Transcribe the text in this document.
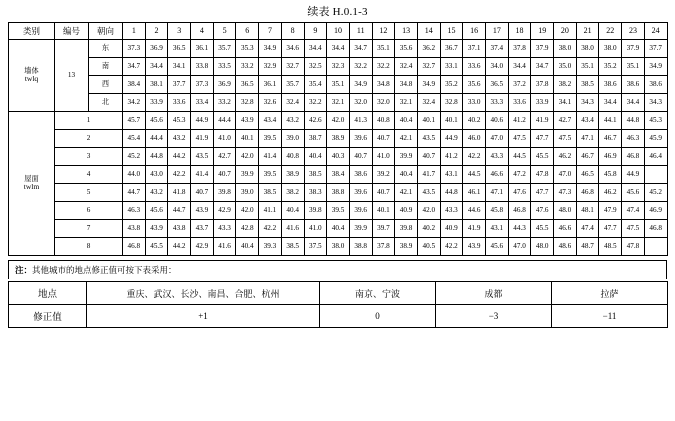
续表 H.0.1-3
类别	编号	朝向	1	2	3	4	5	6	7	8	9	10	11	12	13	14	15	16	17	18	19	20	21	22	23	24

墙体
twlq	13	东	37.3	36.9	36.5	36.1	35.7	35.3	34.9	34.6	34.4	34.4	34.7	35.1	35.6	36.2	36.7	37.1	37.4	37.8	37.9	38.0	38.0	38.0	37.9	37.7
		南	34.7	34.4	34.1	33.8	33.5	33.2	32.9	32.7	32.5	32.3	32.2	32.2	32.4	32.7	33.1	33.6	34.0	34.4	34.7	35.0	35.1	35.2	35.1	34.9
		西	38.4	38.1	37.7	37.3	36.9	36.5	36.1	35.7	35.4	35.1	34.9	34.8	34.8	34.9	35.2	35.6	36.5	37.2	37.8	38.2	38.5	38.6	38.6	38.6
		北	34.2	33.9	33.6	33.4	33.2	32.8	32.6	32.4	32.2	32.1	32.0	32.0	32.1	32.4	32.8	33.0	33.3	33.6	33.9	34.1	34.3	34.4	34.4	34.3

屋面
twlm	1		45.7	45.6	45.3	44.9	44.4	43.9	43.4	43.2	42.6	42.0	41.3	40.8	40.4	40.1	40.1	40.2	40.6	41.2	41.9	42.7	43.4	44.1	44.8	45.3
	2		45.4	44.4	43.2	41.9	41.0	40.1	39.5	39.0	38.7	38.9	39.6	40.7	42.1	43.5	44.9	46.0	47.0	47.5	47.7	47.5	47.1	46.7	46.3	45.9
	3		45.2	44.8	44.2	43.5	42.7	42.0	41.4	40.8	40.4	40.3	40.7	41.0	39.9	40.7	41.2	42.2	43.3	44.5	45.5	46.2	46.7	46.9	46.8	46.4
	4		44.0	43.0	42.2	41.4	40.7	39.9	39.5	38.9	38.5	38.4	38.6	39.2	40.4	41.7	43.1	44.5	46.6	47.2	47.8	47.0	46.5	45.8	44.9	
	5		44.7	43.2	41.8	40.7	39.8	39.0	38.5	38.2	38.3	38.8	39.6	40.7	42.1	43.5	44.8	46.1	47.1	47.6	47.7	47.3	46.8	46.2	45.6	45.2
	6		46.3	45.6	44.7	43.9	42.9	42.0	41.1	40.4	39.8	39.5	39.6	40.1	40.9	42.0	43.3	44.6	45.8	46.8	47.6	48.0	48.1	47.9	47.4	46.9
	7		43.8	43.9	43.8	43.7	43.3	42.8	42.2	41.6	41.0	40.4	39.9	39.7	39.8	40.2	40.9	41.9	43.1	44.3	45.5	46.6	47.4	47.7	47.5	46.8
	8		46.8	45.5	44.2	42.9	41.6	40.4	39.3	38.5	37.5	38.0	38.8	37.8	38.9	40.5	42.2	43.9	45.6	47.0	48.0	48.6	48.7	48.5	47.8	
注：其他城市的地点修正值可按下表采用：
地点	重庆、武汉、长沙、南昌、合肥、杭州	南京、宁波	成都	拉萨
修正值	+1	0	−3	−11
